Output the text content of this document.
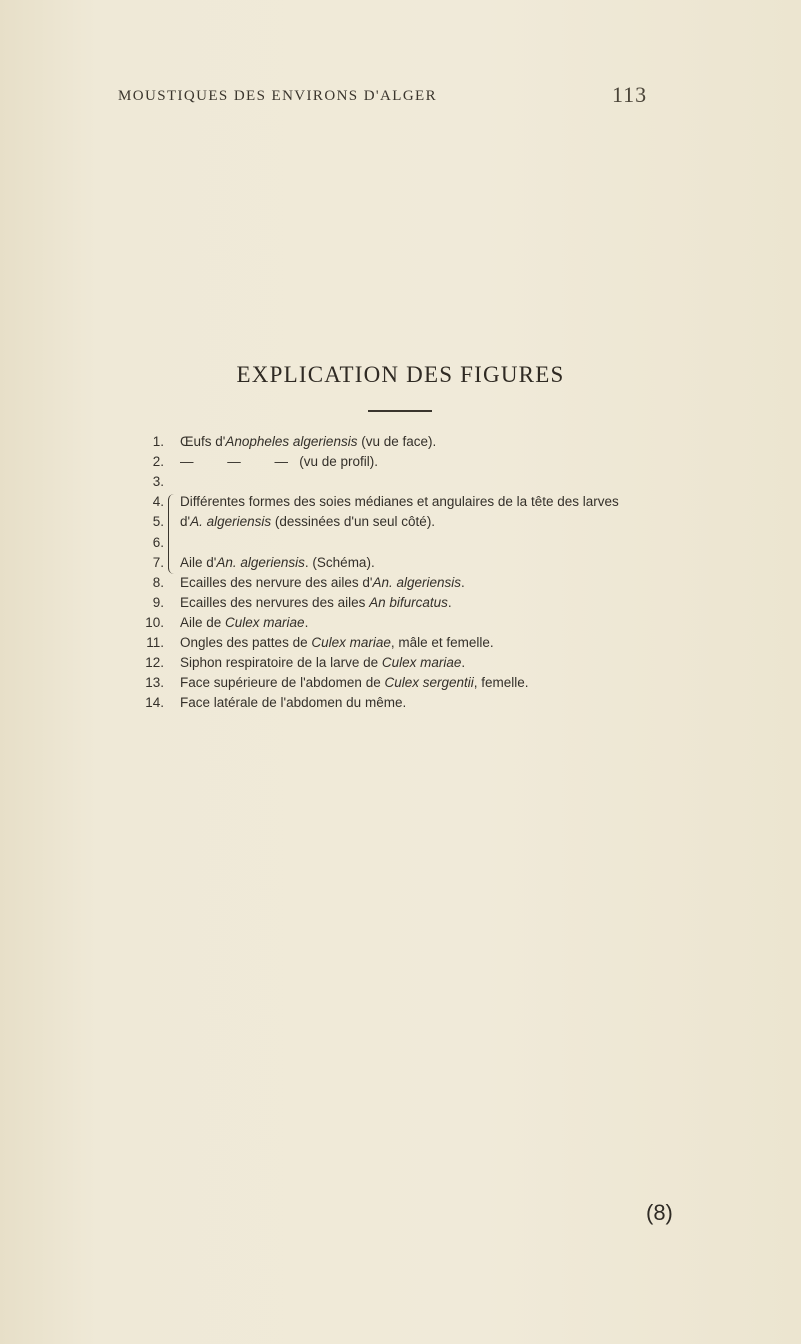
MOUSTIQUES DES ENVIRONS D'ALGER	113
EXPLICATION DES FIGURES
1. Œufs d'Anopheles algeriensis (vu de face).
2. —         —         —   (vu de profil).
3.
4. Différentes formes des soies médianes et angulaires de la tête des larves
5. d'A. algeriensis (dessinées d'un seul côté).
6.
7. Aile d'An. algeriensis. (Schéma).
8. Ecailles des nervure des ailes d'An. algeriensis.
9. Ecailles des nervures des ailes An bifurcatus.
10. Aile de Culex mariae.
11. Ongles des pattes de Culex mariae, mâle et femelle.
12. Siphon respiratoire de la larve de Culex mariae.
13. Face supérieure de l'abdomen de Culex sergentii, femelle.
14. Face latérale de l'abdomen du même.
(8)
